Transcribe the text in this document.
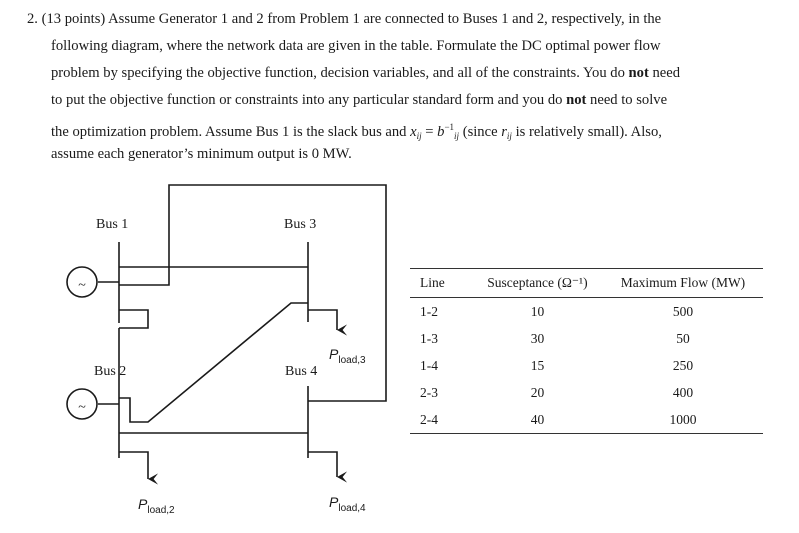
2. (13 points) Assume Generator 1 and 2 from Problem 1 are connected to Buses 1 and 2, respectively, in the
following diagram, where the network data are given in the table. Formulate the DC optimal power flow
problem by specifying the objective function, decision variables, and all of the constraints. You do not need
to put the objective function or constraints into any particular standard form and you do not need to solve
the optimization problem. Assume Bus 1 is the slack bus and $x_{ij} = b^{-1}_{ij}$ (since $r_{ij}$ is relatively small). Also,
assume each generator’s minimum output is 0 MW.
~
~
Bus 1	Bus 3
Bus 2	Bus 4
$P_{load,3}$
$P_{load,2}$
$P_{load,4}$
Line	Susceptance (Ω⁻¹)	Maximum Flow (MW)
1-2	10	500
1-3	30	50
1-4	15	250
2-3	20	400
2-4	40	1000
